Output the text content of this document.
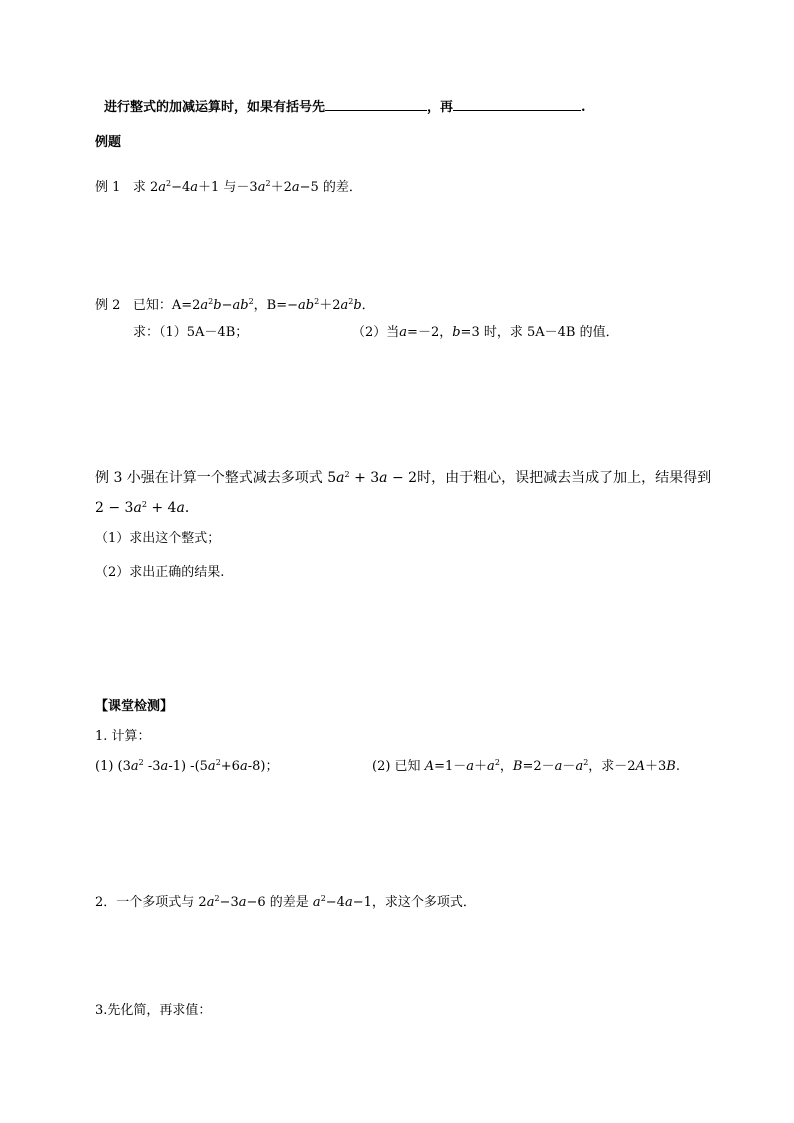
进行整式的加减运算时，如果有括号先	，再	.
例题
例 1 求 $2a^2-4a+1$ 与$-3a^2+2a-5$ 的差．
例 2 已知：$A=2a^2b-ab^2$，$B=-ab^2+2a^2b$．
求：（1）5A－4B；	（2）当a=－2，b=3 时，求 5A－4B 的值．
例 3 小强在计算一个整式减去多项式 $5a^2 + 3a - 2$时，由于粗心，误把减去当成了加上，结果得到
$2 - 3a^2 + 4a$．
（1）求出这个整式；
（2）求出正确的结果.
【课堂检测】
1. 计算：
(1) ($3a^2$ -3a-1) $-(5a^2+6a-8)$；	(2) 已知 $A=1-a+a^2$，$B=2-a-a^2$，求－2A＋3B.
2．一个多项式与 $2a^2-3a-6$ 的差是 $a^2-4a-1$，求这个多项式．
3.先化简，再求值：
